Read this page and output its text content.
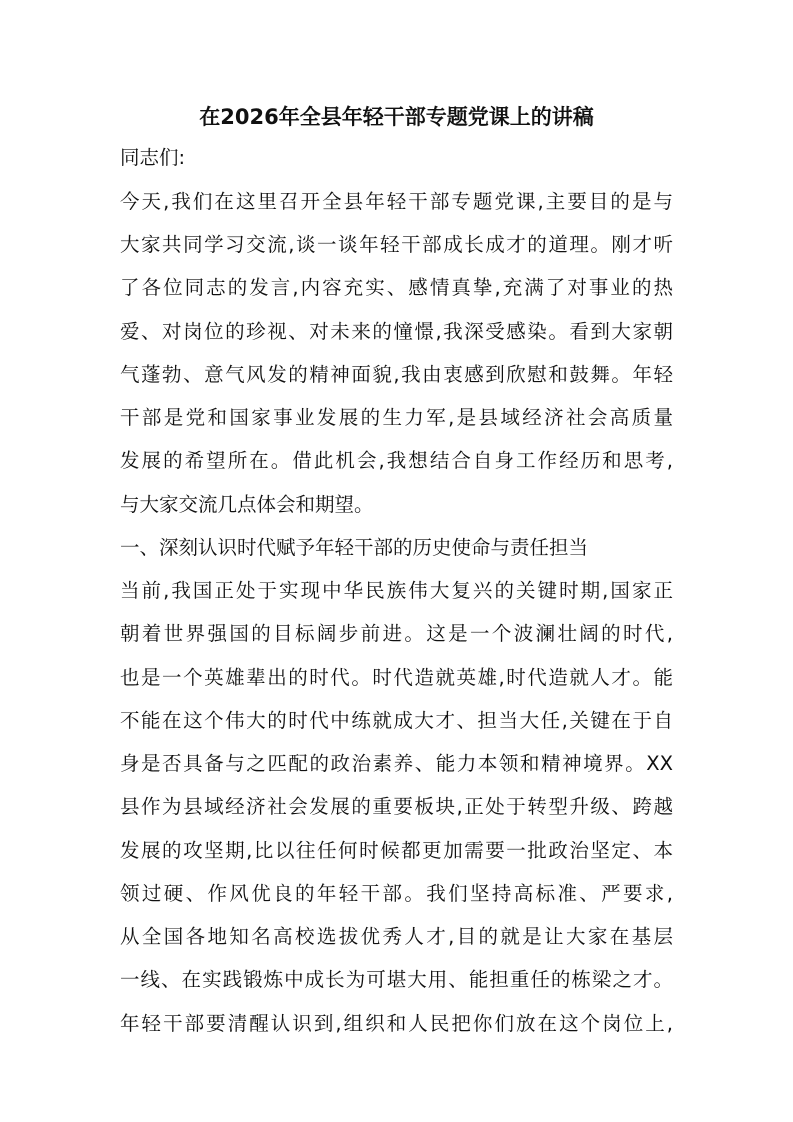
在2026年全县年轻干部专题党课上的讲稿

同志们:

今天,我们在这里召开全县年轻干部专题党课,主要目的是与

大家共同学习交流,谈一谈年轻干部成长成才的道理。刚才听

了各位同志的发言,内容充实、感情真挚,充满了对事业的热

爱、对岗位的珍视、对未来的憧憬,我深受感染。看到大家朝

气蓬勃、意气风发的精神面貌,我由衷感到欣慰和鼓舞。年轻

干部是党和国家事业发展的生力军,是县域经济社会高质量

发展的希望所在。借此机会,我想结合自身工作经历和思考,

与大家交流几点体会和期望。

一、深刻认识时代赋予年轻干部的历史使命与责任担当

当前,我国正处于实现中华民族伟大复兴的关键时期,国家正

朝着世界强国的目标阔步前进。这是一个波澜壮阔的时代,

也是一个英雄辈出的时代。时代造就英雄,时代造就人才。能

不能在这个伟大的时代中练就成大才、担当大任,关键在于自

身是否具备与之匹配的政治素养、能力本领和精神境界。XX

县作为县域经济社会发展的重要板块,正处于转型升级、跨越

发展的攻坚期,比以往任何时候都更加需要一批政治坚定、本

领过硬、作风优良的年轻干部。我们坚持高标准、严要求,

从全国各地知名高校选拔优秀人才,目的就是让大家在基层

一线、在实践锻炼中成长为可堪大用、能担重任的栋梁之才。

年轻干部要清醒认识到,组织和人民把你们放在这个岗位上,
